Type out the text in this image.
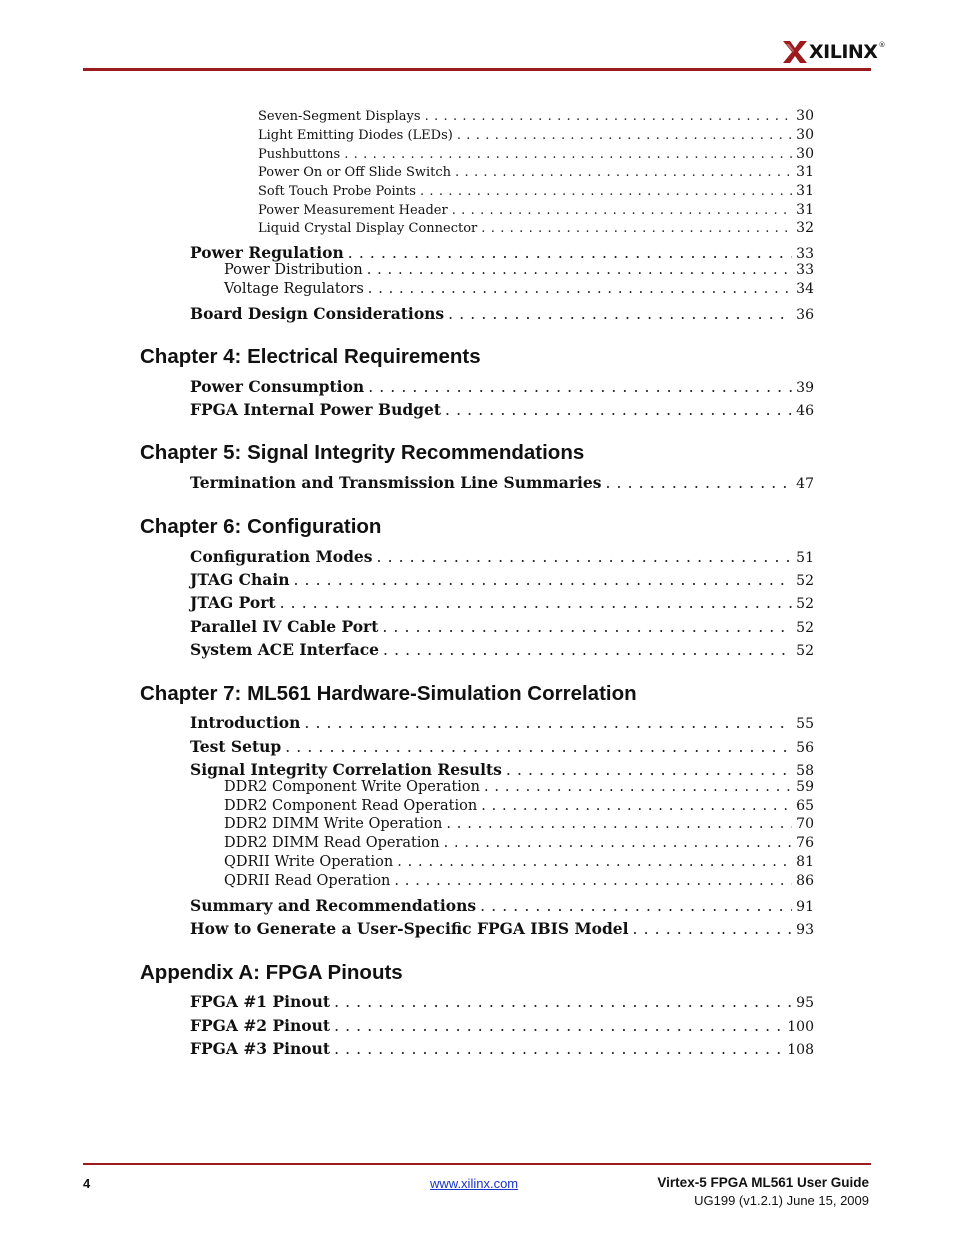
XILINX ®
Seven-Segment Displays . . .	30
Light Emitting Diodes (LEDs) . . .	30
Pushbuttons . . .	30
Power On or Off Slide Switch . . .	31
Soft Touch Probe Points . . .	31
Power Measurement Header . . .	31
Liquid Crystal Display Connector . . .	32
Power Regulation . . .	33
Power Distribution . . .	33
Voltage Regulators . . .	34
Board Design Considerations . . .	36
Chapter 4: Electrical Requirements
Power Consumption . . .	39
FPGA Internal Power Budget . . .	46
Chapter 5: Signal Integrity Recommendations
Termination and Transmission Line Summaries . . .	47
Chapter 6: Configuration
Configuration Modes . . .	51
JTAG Chain . . .	52
JTAG Port . . .	52
Parallel IV Cable Port . . .	52
System ACE Interface . . .	52
Chapter 7: ML561 Hardware-Simulation Correlation
Introduction . . .	55
Test Setup . . .	56
Signal Integrity Correlation Results . . .	58
DDR2 Component Write Operation . . .	59
DDR2 Component Read Operation . . .	65
DDR2 DIMM Write Operation . . .	70
DDR2 DIMM Read Operation . . .	76
QDRII Write Operation . . .	81
QDRII Read Operation . . .	86
Summary and Recommendations . . .	91
How to Generate a User-Specific FPGA IBIS Model . . .	93
Appendix A: FPGA Pinouts
FPGA #1 Pinout . . .	95
FPGA #2 Pinout . . .	100
FPGA #3 Pinout . . .	108
4	www.xilinx.com	Virtex-5 FPGA ML561 User Guide
UG199 (v1.2.1) June 15, 2009
